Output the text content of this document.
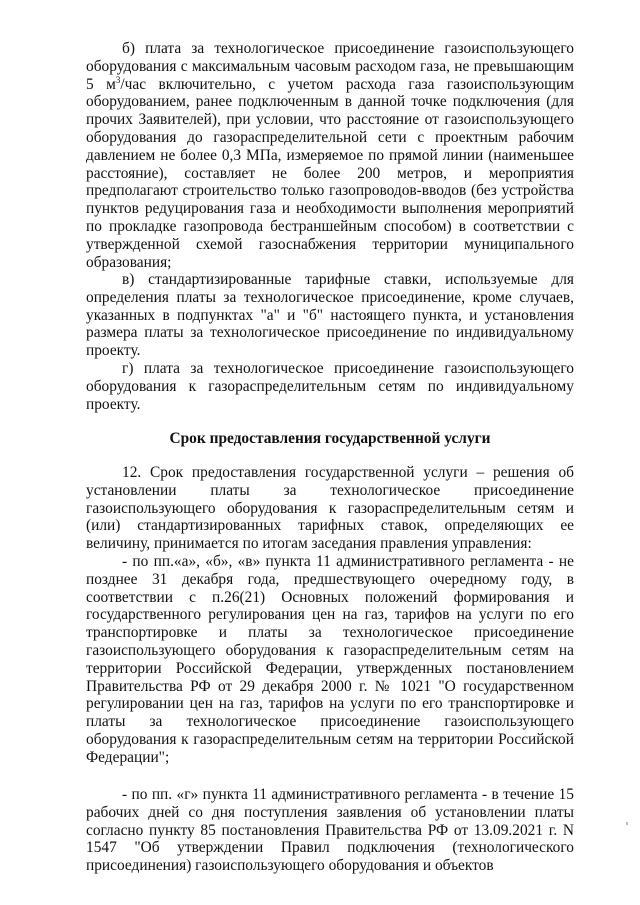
б) плата за технологическое присоединение газоиспользующего оборудования с максимальным часовым расходом газа, не превышающим 5 $м^3$/час включительно, с учетом расхода газа газоиспользующим оборудованием, ранее подключенным в данной точке подключения (для прочих Заявителей), при условии, что расстояние от газоиспользующего оборудования до газораспределительной сети с проектным рабочим давлением не более 0,3 МПа, измеряемое по прямой линии (наименьшее расстояние), составляет не более 200 метров, и мероприятия предполагают строительство только газопроводов-вводов (без устройства пунктов редуцирования газа и необходимости выполнения мероприятий по прокладке газопровода бестраншейным способом) в соответствии с утвержденной схемой газоснабжения территории муниципального образования;

в) стандартизированные тарифные ставки, используемые для определения платы за технологическое присоединение, кроме случаев, указанных в подпунктах "а" и "б" настоящего пункта, и установления размера платы за технологическое присоединение по индивидуальному проекту.

г) плата за технологическое присоединение газоиспользующего оборудования к газораспределительным сетям по индивидуальному проекту.

Срок предоставления государственной услуги

12. Срок предоставления государственной услуги – решения об установлении платы за технологическое присоединение газоиспользующего оборудования к газораспределительным сетям и (или) стандартизированных тарифных ставок, определяющих ее величину, принимается по итогам заседания правления управления:

- по пп.«а», «б», «в» пункта 11 административного регламента - не позднее 31 декабря года, предшествующего очередному году, в соответствии с п.26(21) Основных положений формирования и государственного регулирования цен на газ, тарифов на услуги по его транспортировке и платы за технологическое присоединение газоиспользующего оборудования к газораспределительным сетям на территории Российской Федерации, утвержденных постановлением Правительства РФ от 29 декабря 2000 г. № 1021 "О государственном регулировании цен на газ, тарифов на услуги по его транспортировке и платы за технологическое присоединение газоиспользующего оборудования к газораспределительным сетям на территории Российской Федерации";

- по пп. «г» пункта 11 административного регламента - в течение 15 рабочих дней со дня поступления заявления об установлении платы согласно пункту 85 постановления Правительства РФ от 13.09.2021 г. N 1547 "Об утверждении Правил подключения (технологического присоединения) газоиспользующего оборудования и объектов
